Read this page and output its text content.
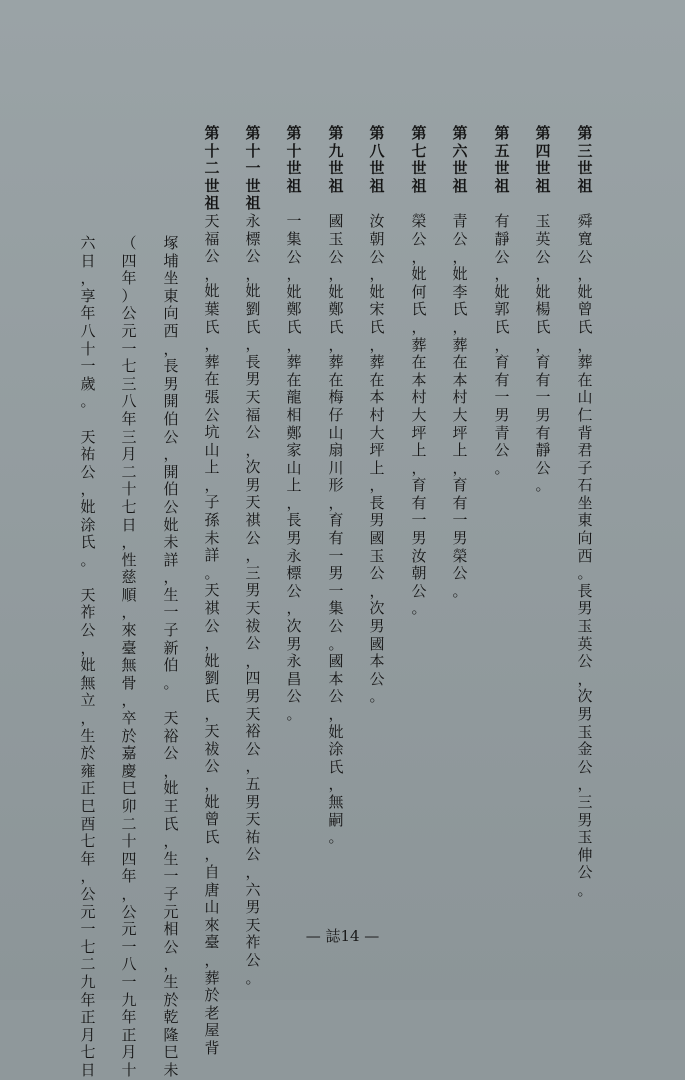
第
三
世
祖
舜
寬
公
，
妣
曾
氏
，
葬
在
山
仁
背
君
子
石
坐
東
向
西
。
長
男
玉
英
公
，
次
男
玉
金
公
，
三
男
玉
伸
公
。
第
四
世
祖
玉
英
公
，
妣
楊
氏
，
育
有
一
男
有
靜
公
。
第
五
世
祖
有
靜
公
，
妣
郭
氏
，
育
有
一
男
青
公
。
第
六
世
祖
青
公
，
妣
李
氏
，
葬
在
本
村
大
坪
上
，
育
有
一
男
榮
公
。
第
七
世
祖
榮
公
，
妣
何
氏
，
葬
在
本
村
大
坪
上
，
育
有
一
男
汝
朝
公
。
第
八
世
祖
汝
朝
公
，
妣
宋
氏
，
葬
在
本
村
大
坪
上
，
長
男
國
玉
公
，
次
男
國
本
公
。
第
九
世
祖
國
玉
公
，
妣
鄭
氏
，
葬
在
梅
仔
山
扇
川
形
，
育
有
一
男
一
集
公
。
國
本
公
，
妣
涂
氏
，
無
嗣
。
第
十
世
祖
一
集
公
，
妣
鄭
氏
，
葬
在
龍
相
鄭
家
山
上
，
長
男
永
標
公
，
次
男
永
昌
公
。
第
十
一
世
祖
永
標
公
，
妣
劉
氏
，
長
男
天
福
公
，
次
男
天
祺
公
，
三
男
天
祓
公
，
四
男
天
裕
公
，
五
男
天
祐
公
，
六
男
天
祚
公
。
第
十
二
世
祖
天
福
公
，
妣
葉
氏
，
葬
在
張
公
坑
山
上
，
子
孫
未
詳
。
天
祺
公
，
妣
劉
氏
，
天
祓
公
，
妣
曾
氏
，
自
唐
山
來
臺
，
葬
於
老
屋
背
塚
埔
坐
東
向
西
，
長
男
開
伯
公
，
開
伯
公
妣
未
詳
，
生
一
子
新
伯
。

天
裕
公
，
妣
王
氏
，
生
一
子
元
相
公
，
生
於
乾
隆
巳
未
（
四
年
）
公
元
一
七
三
八
年
三
月
二
十
七
日
，
性
慈
順
，
來
臺
無
骨
，
卒
於
嘉
慶
巳
卯
二
十
四
年
，
公
元
一
八
一
九
年
正
月
十
六
日
，
享
年
八
十
一
歲
。

天
祐
公
，
妣
涂
氏
。

天
祚
公
，
妣
無
立
，
生
於
雍
正
巳
酉
七
年
，
公
元
一
七
二
九
年
正
月
七
日
— 誌14 —
